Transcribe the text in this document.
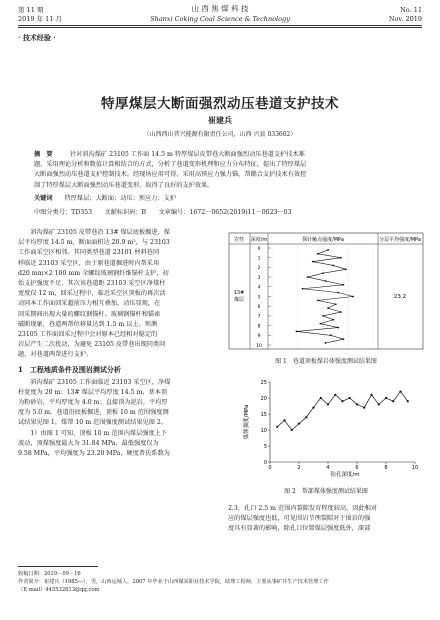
第 11 期
2019 年 11 月
山 西 焦 煤 科 技
Shanxi Coking Coal Science & Technology
No. 11
Nov. 2019
· 技术经验 ·
特厚煤层大断面强烈动压巷道支护技术
崔建兵
（山西西山晋兴能源有限责任公司，山西 兴县 033602）
摘　要	针对斜沟煤矿 23105 工作面 14.5 m 特厚煤层皮带巷大断面强烈动压巷道支护技术难
题，采用理论分析和数值计算相结合的方式，分析了巷道变形机理和应力分布特征，提出了特厚煤层
大断面强烈动压巷道支护控制技术。经现场应用可得，采用高预应力强力锚、帮耦合支护技术有效控
制了特厚煤层大断面强烈动压巷道变形，取得了良好的支护效果。
关键词 特厚煤层；大断面；动压；预应力；支护
中图分类号：TD353　　文献标识码：B　　文章编号：1672－0652(2019)11－0023－03
　　斜沟煤矿 23105 皮带巷沿 13# 煤层底板掘进，煤
层平均厚度 14.5 m，断面面积达 20.9 m²，与 23103
工作面采空区相邻。其同类型巷道 23101 材料巷同
样临近 23103 采空区，由于原巷道掘进时内帮采用
d20 mm×2 100 mm 全螺纹玻璃钢纤维锚杆支护，初
始支护强度不足，其次该巷道距 23103 采空区净煤柱
宽度仅 12 m，回采过程中，临近采空区顶板的再次活
动同本工作面回采超前压力相互叠加，动压显现，在
回采期间出现大量的螺纹钢锚杆、玻璃钢锚杆和锚索
破断现象，巷道两帮位移量达到 1.5 m 以上。预测
23105 工作面回采过程中会对原本已经相对稳定的
岩层产生二次扰动，为避免 23105 皮带巷出现同类问
题，对巷道两帮进行支护。
1　工程地质条件及围岩测试分析
　　斜沟煤矿 23105 工作面临近 23103 采空区，净煤
柱宽度为 20 m；13# 煤层平均厚度 14.5 m，基本顶
为粉砂岩，平均厚度为 4.0 m；直接顶为泥岩，平均厚
度为 5.0 m。巷道沿底板掘进，顶板 10 m 范围强度测
试结果见图 1，煤帮 10 m 范围强度测试结果见图 2。
　　1）由图 1 可知，顶板 10 m 范围内煤层强度上下
波动，顶煤强度最大为 31.84 MPa，最低强度仅为
9.58 MPa，平均强度为 23.20 MPa，硬度普氏系数为
岩性 深度/m	探针触点强度/MPa	分层平均强度/MPa
13#煤层	23.2
0
1
2
3
4
5
6
7
8
9
10
图 1　巷道顶板煤岩体强度测试结果图
0	2	4	6	8	10
0
5
10
15
20
25
煤体强度/MPa
钻孔深度/m
图 2　帮部煤体强度测试结果图
2.3，孔口 2.5 m 范围内裂隙发育程度较高，因此相对
应的煤层强度也低，可见围岩节理裂隙对于围岩的强
度具有显著的影响，除孔口位置煤层强度低外，深部
收稿日期：2019－09－16
作者简介：崔建兵（1985—），男，山西运城人，2007 年毕业于山西煤炭职业技术学院，助理工程师，主要从事矿井生产技术管理工作
（E-mail）445532813@qq.com
